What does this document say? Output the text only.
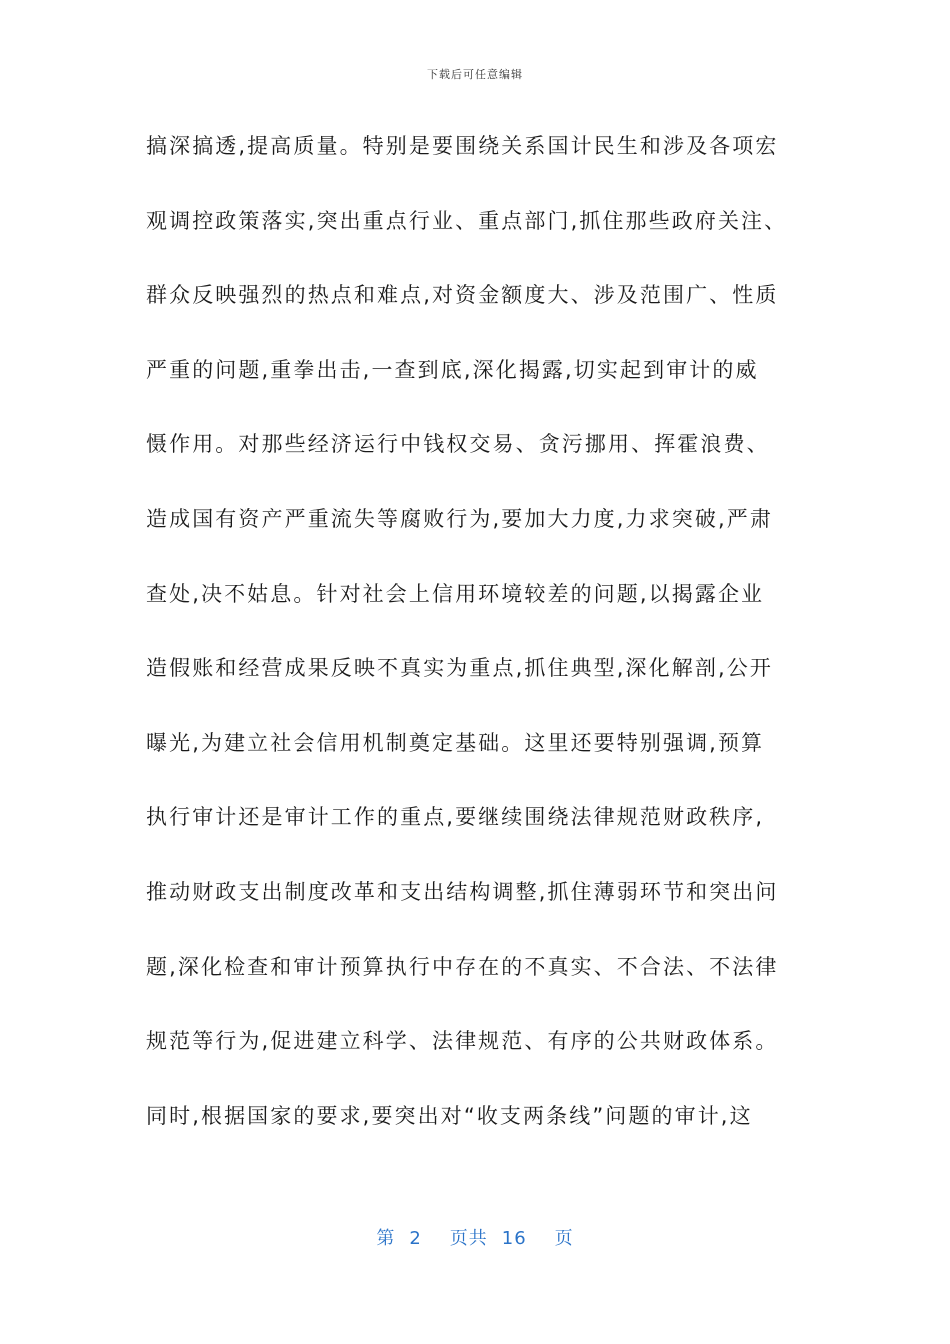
下载后可任意编辑
搞深搞透,提高质量。特别是要围绕关系国计民生和涉及各项宏
观调控政策落实,突出重点行业、重点部门,抓住那些政府关注、
群众反映强烈的热点和难点,对资金额度大、涉及范围广、性质
严重的问题,重拳出击,一查到底,深化揭露,切实起到审计的威
慑作用。对那些经济运行中钱权交易、贪污挪用、挥霍浪费、
造成国有资产严重流失等腐败行为,要加大力度,力求突破,严肃
查处,决不姑息。针对社会上信用环境较差的问题,以揭露企业
造假账和经营成果反映不真实为重点,抓住典型,深化解剖,公开
曝光,为建立社会信用机制奠定基础。这里还要特别强调,预算
执行审计还是审计工作的重点,要继续围绕法律规范财政秩序,
推动财政支出制度改革和支出结构调整,抓住薄弱环节和突出问
题,深化检查和审计预算执行中存在的不真实、不合法、不法律
规范等行为,促进建立科学、法律规范、有序的公共财政体系。
同时,根据国家的要求,要突出对“收支两条线”问题的审计,这
第 2 页共 16 页
